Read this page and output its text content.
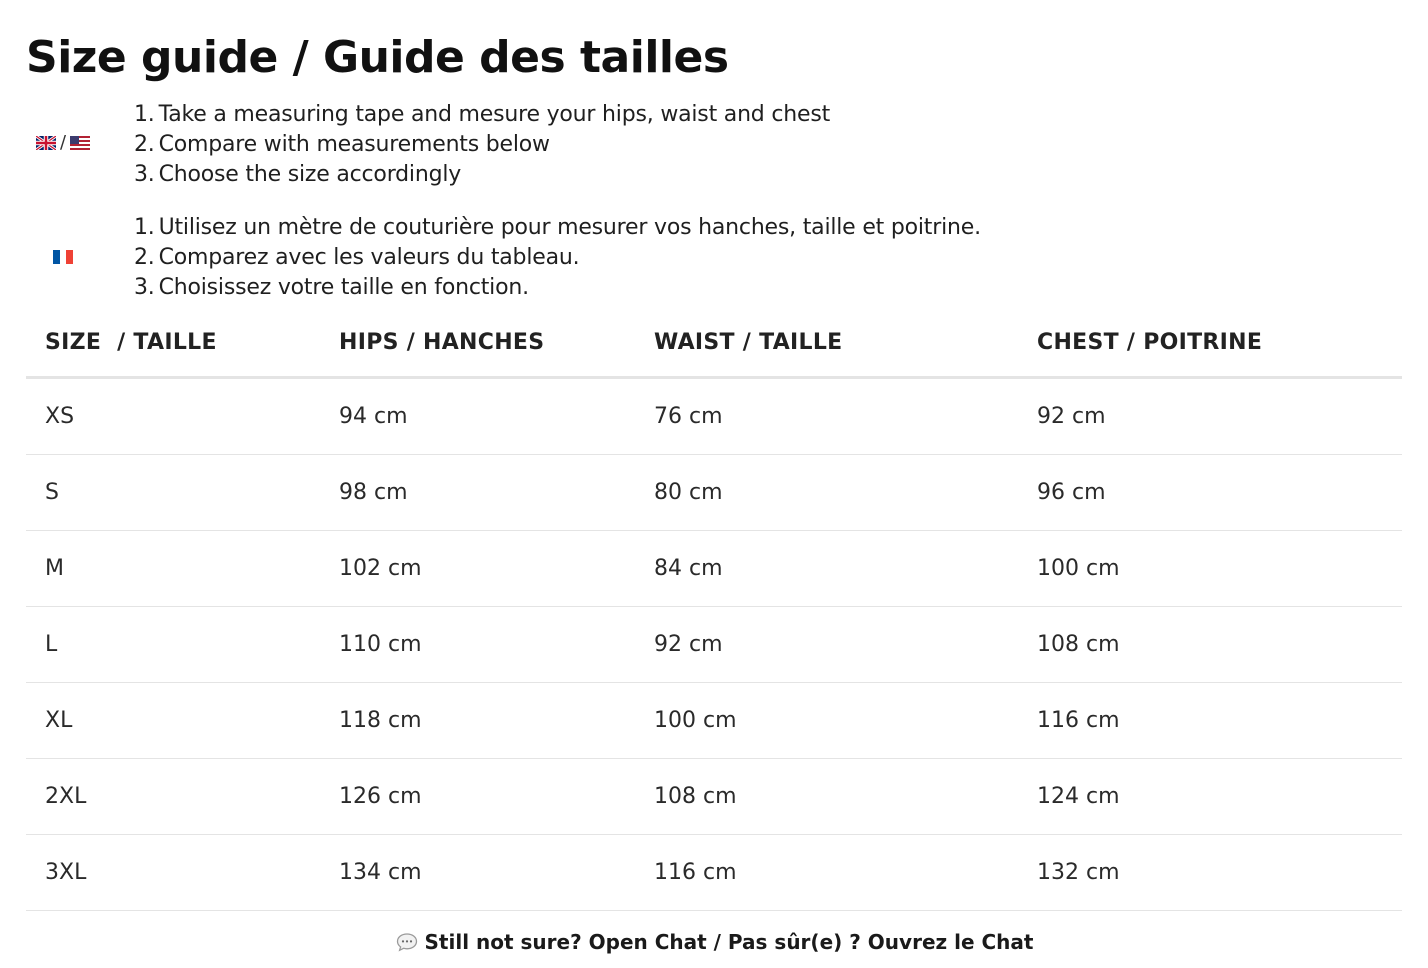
Size guide / Guide des tailles
/
1. Take a measuring tape and mesure your hips, waist and chest
2. Compare with measurements below
3. Choose the size accordingly
1. Utilisez un mètre de couturière pour mesurer vos hanches, taille et poitrine.
2. Comparez avec les valeurs du tableau.
3. Choisissez votre taille en fonction.
SIZE  / TAILLE	HIPS / HANCHES	WAIST / TAILLE	CHEST / POITRINE
XS	94 cm	76 cm	92 cm
S	98 cm	80 cm	96 cm
M	102 cm	84 cm	100 cm
L	110 cm	92 cm	108 cm
XL	118 cm	100 cm	116 cm
2XL	126 cm	108 cm	124 cm
3XL	134 cm	116 cm	132 cm
Still not sure? Open Chat / Pas sûr(e) ? Ouvrez le Chat
